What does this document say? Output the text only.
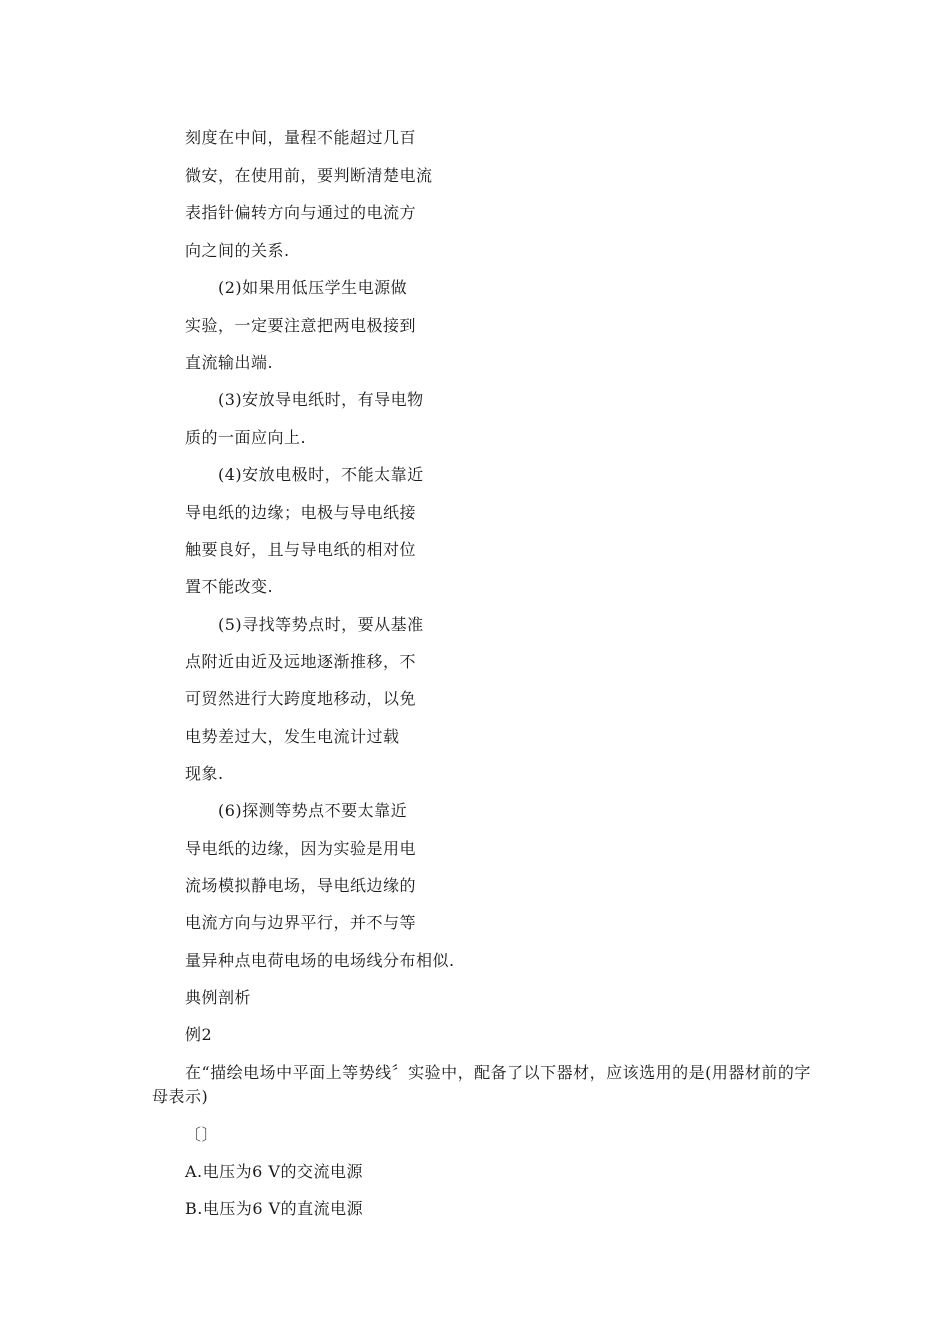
刻度在中间，量程不能超过几百
微安，在使用前，要判断清楚电流
表指针偏转方向与通过的电流方
向之间的关系.
(2)如果用低压学生电源做
实验，一定要注意把两电极接到
直流输出端.
(3)安放导电纸时，有导电物
质的一面应向上.
(4)安放电极时，不能太靠近
导电纸的边缘；电极与导电纸接
触要良好，且与导电纸的相对位
置不能改变.
(5)寻找等势点时，要从基准
点附近由近及远地逐渐推移，不
可贸然进行大跨度地移动，以免
电势差过大，发生电流计过载
现象.
(6)探测等势点不要太靠近
导电纸的边缘，因为实验是用电
流场模拟静电场，导电纸边缘的
电流方向与边界平行，并不与等
量异种点电荷电场的电场线分布相似.
典例剖析
例2
在“描绘电场中平面上等势线〞实验中，配备了以下器材，应该选用的是(用器材前的字母表示)
〔〕
A.电压为6 V的交流电源
B.电压为6 V的直流电源
